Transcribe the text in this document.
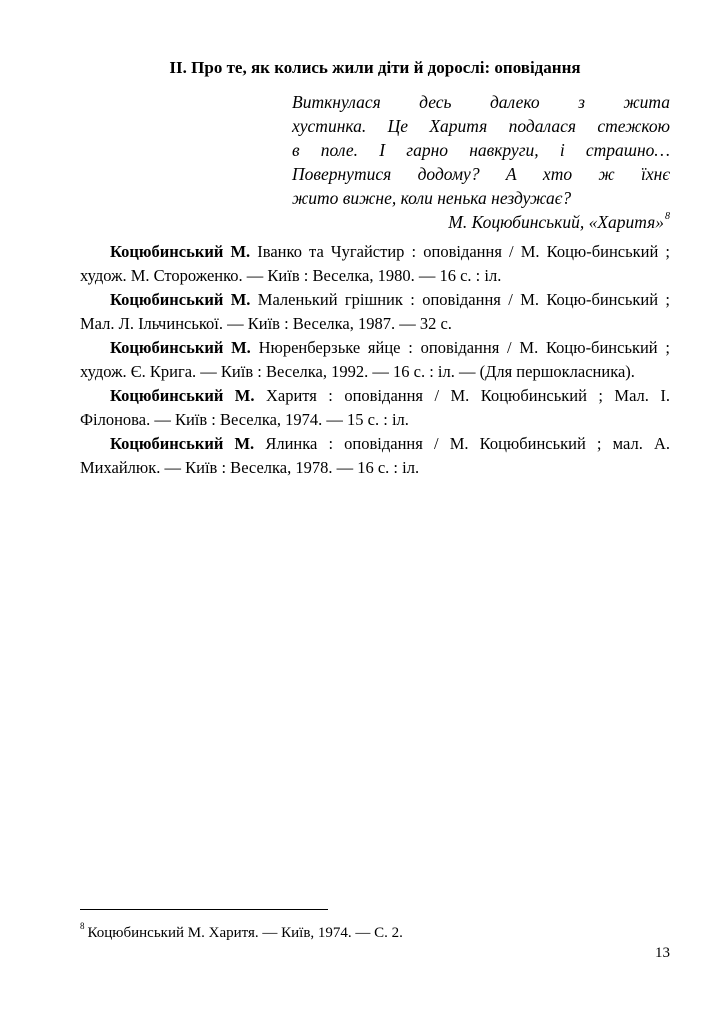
ІІ. Про те, як колись жили діти й дорослі: оповідання
Виткнулася десь далеко з жита
хустинка. Це Харитя подалася стежкою
в поле. І гарно навкруги, і страшно…
Повернутися додому? А хто ж їхнє
жито вижне, коли ненька нездужає?
М. Коцюбинський, «Харитя»$^8$

Коцюбинський М. Іванко та Чугайстир : оповідання / М. Коцю-бинський ; худож. М. Стороженко. — Київ : Веселка, 1980. — 16 с. : іл.

Коцюбинський М. Маленький грішник : оповідання / М. Коцю-бинський ; Мал. Л. Ільчинської. — Київ : Веселка, 1987. — 32 с.

Коцюбинський М. Нюренберзьке яйце : оповідання / М. Коцю-бинський ; худож. Є. Крига. — Київ : Веселка, 1992. — 16 с. : іл. — (Для першокласника).

Коцюбинський М. Харитя : оповідання / М. Коцюбинський ; Мал. І. Філонова. — Київ : Веселка, 1974. — 15 с. : іл.

Коцюбинський М. Ялинка : оповідання / М. Коцюбинський ; мал. А. Михайлюк. — Київ : Веселка, 1978. — 16 с. : іл.

$^8$ Коцюбинський М. Харитя. — Київ, 1974. — С. 2.
13
